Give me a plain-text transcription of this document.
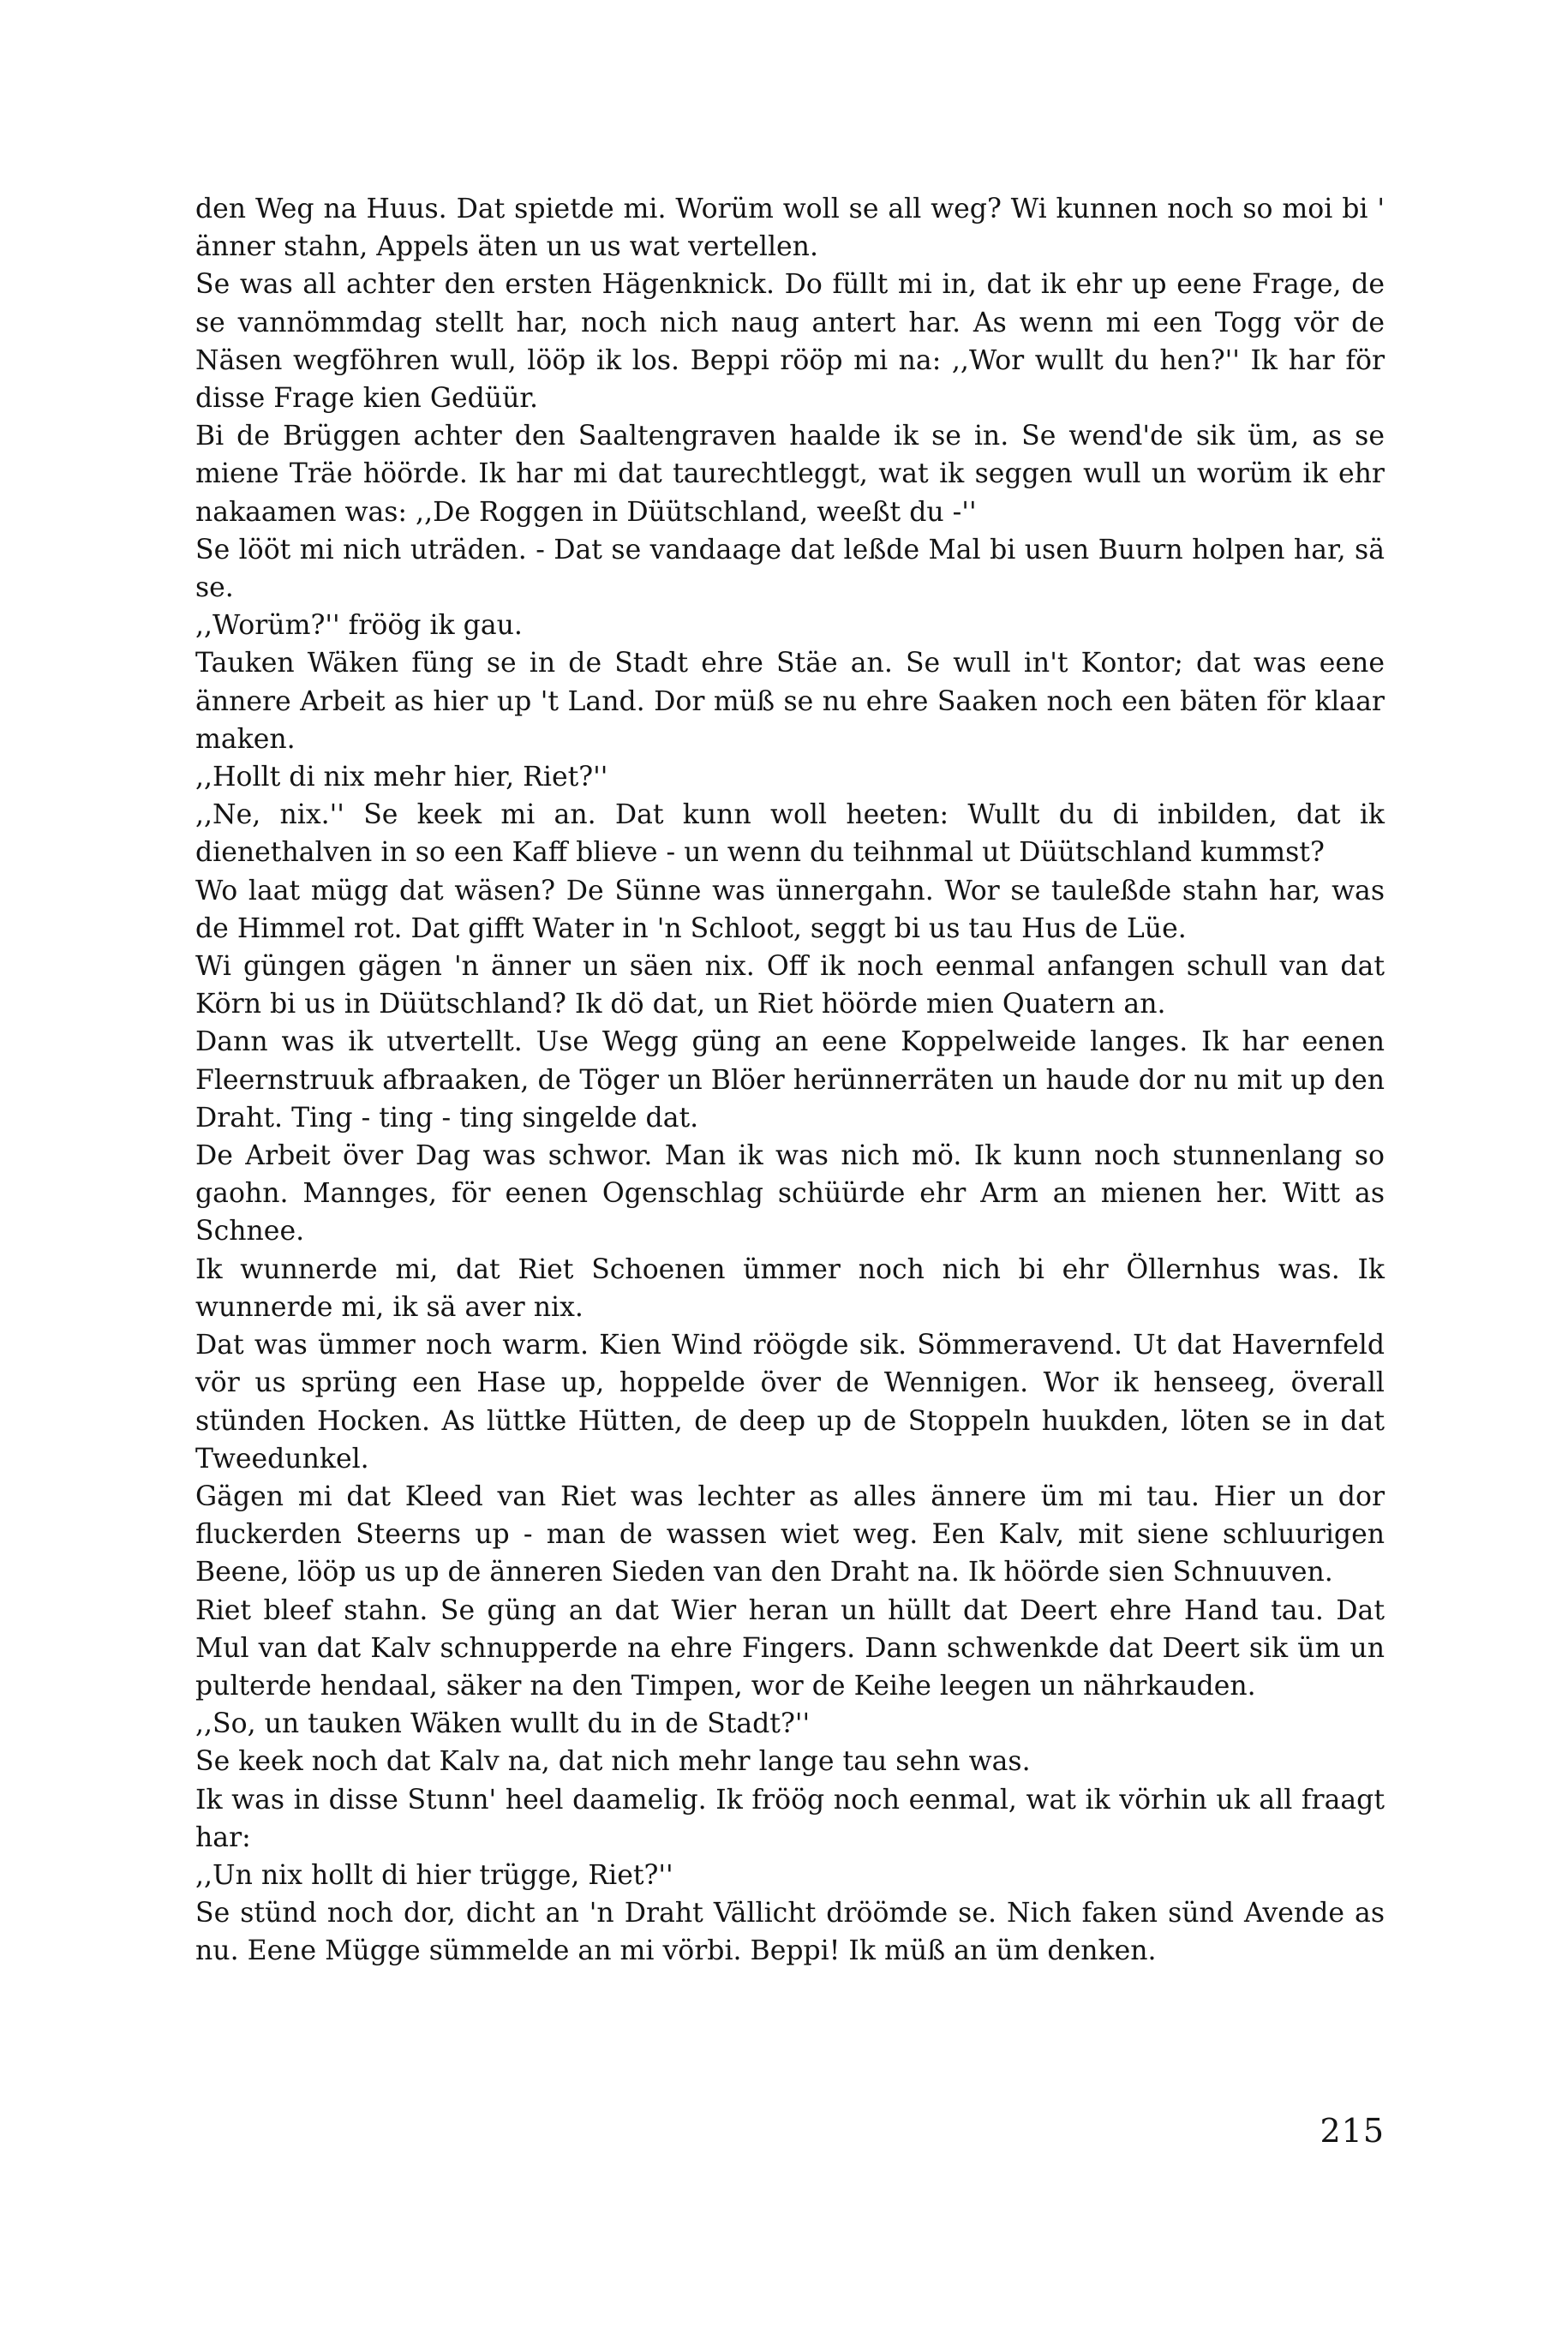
den Weg na Huus. Dat spietde mi. Worüm woll se all weg? Wi kunnen noch so moi bi ' änner stahn, Appels äten un us wat vertellen.

Se was all achter den ersten Hägenknick. Do füllt mi in, dat ik ehr up eene Frage, de se vannömmdag stellt har, noch nich naug antert har. As wenn mi een Togg vör de Näsen wegföhren wull, lööp ik los. Beppi rööp mi na: ,,Wor wullt du hen?'' Ik har för disse Frage kien Gedüür.

Bi de Brüggen achter den Saaltengraven haalde ik se in. Se wend'de sik üm, as se miene Träe höörde. Ik har mi dat taurechtleggt, wat ik seggen wull un worüm ik ehr nakaamen was: ,,De Roggen in Düütschland, weeßt du -''

Se lööt mi nich uträden. - Dat se vandaage dat leßde Mal bi usen Buurn holpen har, sä se.

,,Worüm?'' fröög ik gau.

Tauken Wäken füng se in de Stadt ehre Stäe an. Se wull in't Kontor; dat was eene ännere Arbeit as hier up 't Land. Dor müß se nu ehre Saaken noch een bäten för klaar maken.

,,Hollt di nix mehr hier, Riet?''

,,Ne, nix.'' Se keek mi an. Dat kunn woll heeten: Wullt du di inbilden, dat ik dienethalven in so een Kaff blieve - un wenn du teihnmal ut Düütschland kummst?

Wo laat mügg dat wäsen? De Sünne was ünnergahn. Wor se tauleßde stahn har, was de Himmel rot. Dat gifft Water in 'n Schloot, seggt bi us tau Hus de Lüe.

Wi güngen gägen 'n änner un säen nix. Off ik noch eenmal anfangen schull van dat Körn bi us in Düütschland? Ik dö dat, un Riet höörde mien Quatern an.

Dann was ik utvertellt. Use Wegg güng an eene Koppelweide langes. Ik har eenen Fleernstruuk afbraaken, de Töger un Blöer herünnerräten un haude dor nu mit up den Draht. Ting - ting - ting singelde dat.

De Arbeit över Dag was schwor. Man ik was nich mö. Ik kunn noch stunnenlang so gaohn. Mannges, för eenen Ogenschlag schüürde ehr Arm an mienen her. Witt as Schnee.

Ik wunnerde mi, dat Riet Schoenen ümmer noch nich bi ehr Öllernhus was. Ik wunnerde mi, ik sä aver nix.

Dat was ümmer noch warm. Kien Wind röögde sik. Sömmeravend. Ut dat Havernfeld vör us sprüng een Hase up, hoppelde över de Wennigen. Wor ik henseeg, överall stünden Hocken. As lüttke Hütten, de deep up de Stoppeln huukden, löten se in dat Tweedunkel.

Gägen mi dat Kleed van Riet was lechter as alles ännere üm mi tau. Hier un dor fluckerden Steerns up - man de wassen wiet weg. Een Kalv, mit siene schluurigen Beene, lööp us up de änneren Sieden van den Draht na. Ik höörde sien Schnuuven.

Riet bleef stahn. Se güng an dat Wier heran un hüllt dat Deert ehre Hand tau. Dat Mul van dat Kalv schnupperde na ehre Fingers. Dann schwenkde dat Deert sik üm un pulterde hendaal, säker na den Timpen, wor de Keihe leegen un nährkauden.

,,So, un tauken Wäken wullt du in de Stadt?''

Se keek noch dat Kalv na, dat nich mehr lange tau sehn was.

Ik was in disse Stunn' heel daamelig. Ik fröög noch eenmal, wat ik vörhin uk all fraagt har:

,,Un nix hollt di hier trügge, Riet?''

Se stünd noch dor, dicht an 'n Draht Vällicht dröömde se. Nich faken sünd Avende as nu. Eene Mügge sümmelde an mi vörbi. Beppi! Ik müß an üm denken.

215
